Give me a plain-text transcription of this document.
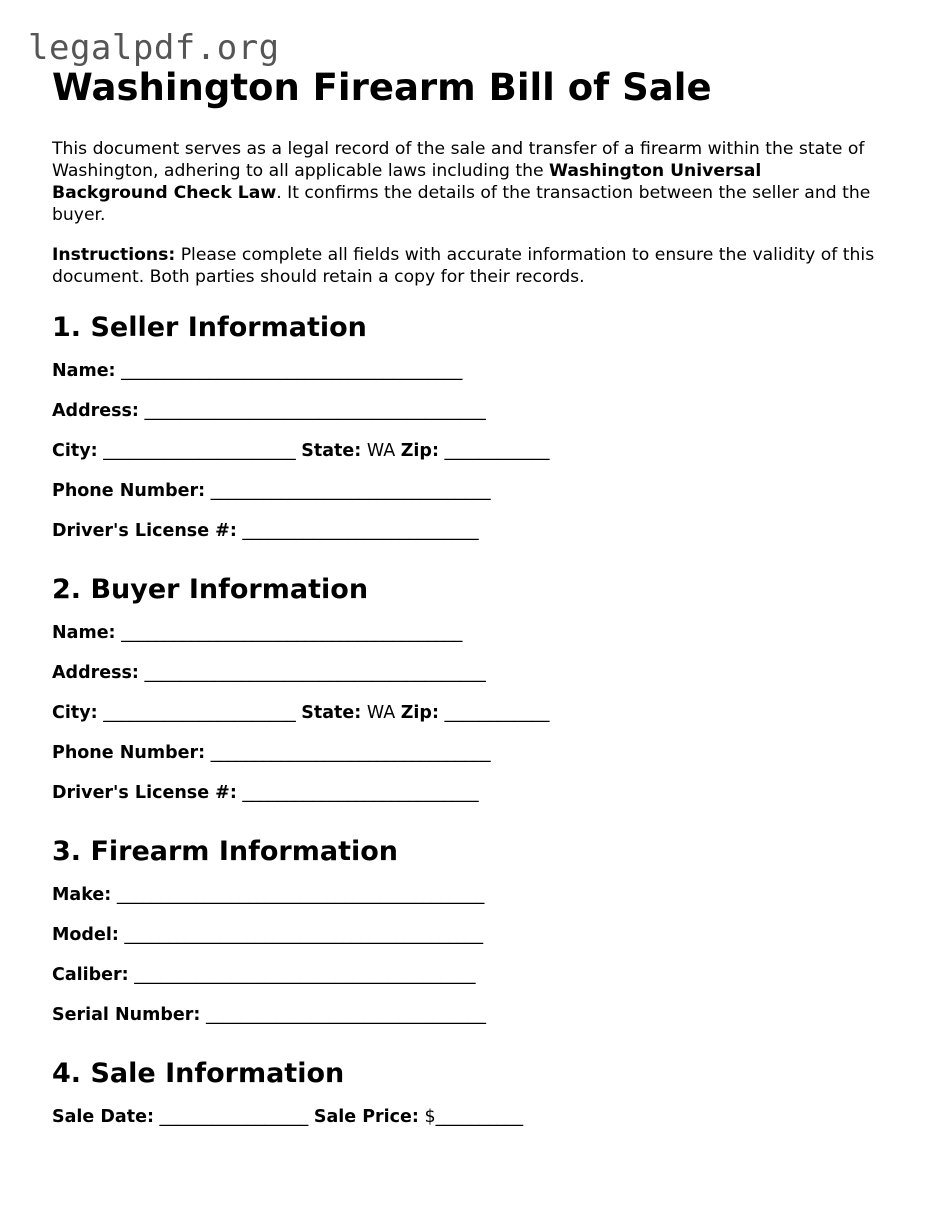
legalpdf.org
Washington Firearm Bill of Sale

This document serves as a legal record of the sale and transfer of a firearm within the state of Washington, adhering to all applicable laws including the Washington Universal Background Check Law. It confirms the details of the transaction between the seller and the buyer.

Instructions: Please complete all fields with accurate information to ensure the validity of this document. Both parties should retain a copy for their records.

1. Seller Information
Name: _______________________________________
Address: _______________________________________
City: ______________________ State: WA Zip: ____________
Phone Number: ________________________________
Driver's License #: ___________________________
2. Buyer Information
Name: _______________________________________
Address: _______________________________________
City: ______________________ State: WA Zip: ____________
Phone Number: ________________________________
Driver's License #: ___________________________
3. Firearm Information
Make: __________________________________________
Model: _________________________________________
Caliber: _______________________________________
Serial Number: ________________________________
4. Sale Information
Sale Date: _________________ Sale Price: $__________
